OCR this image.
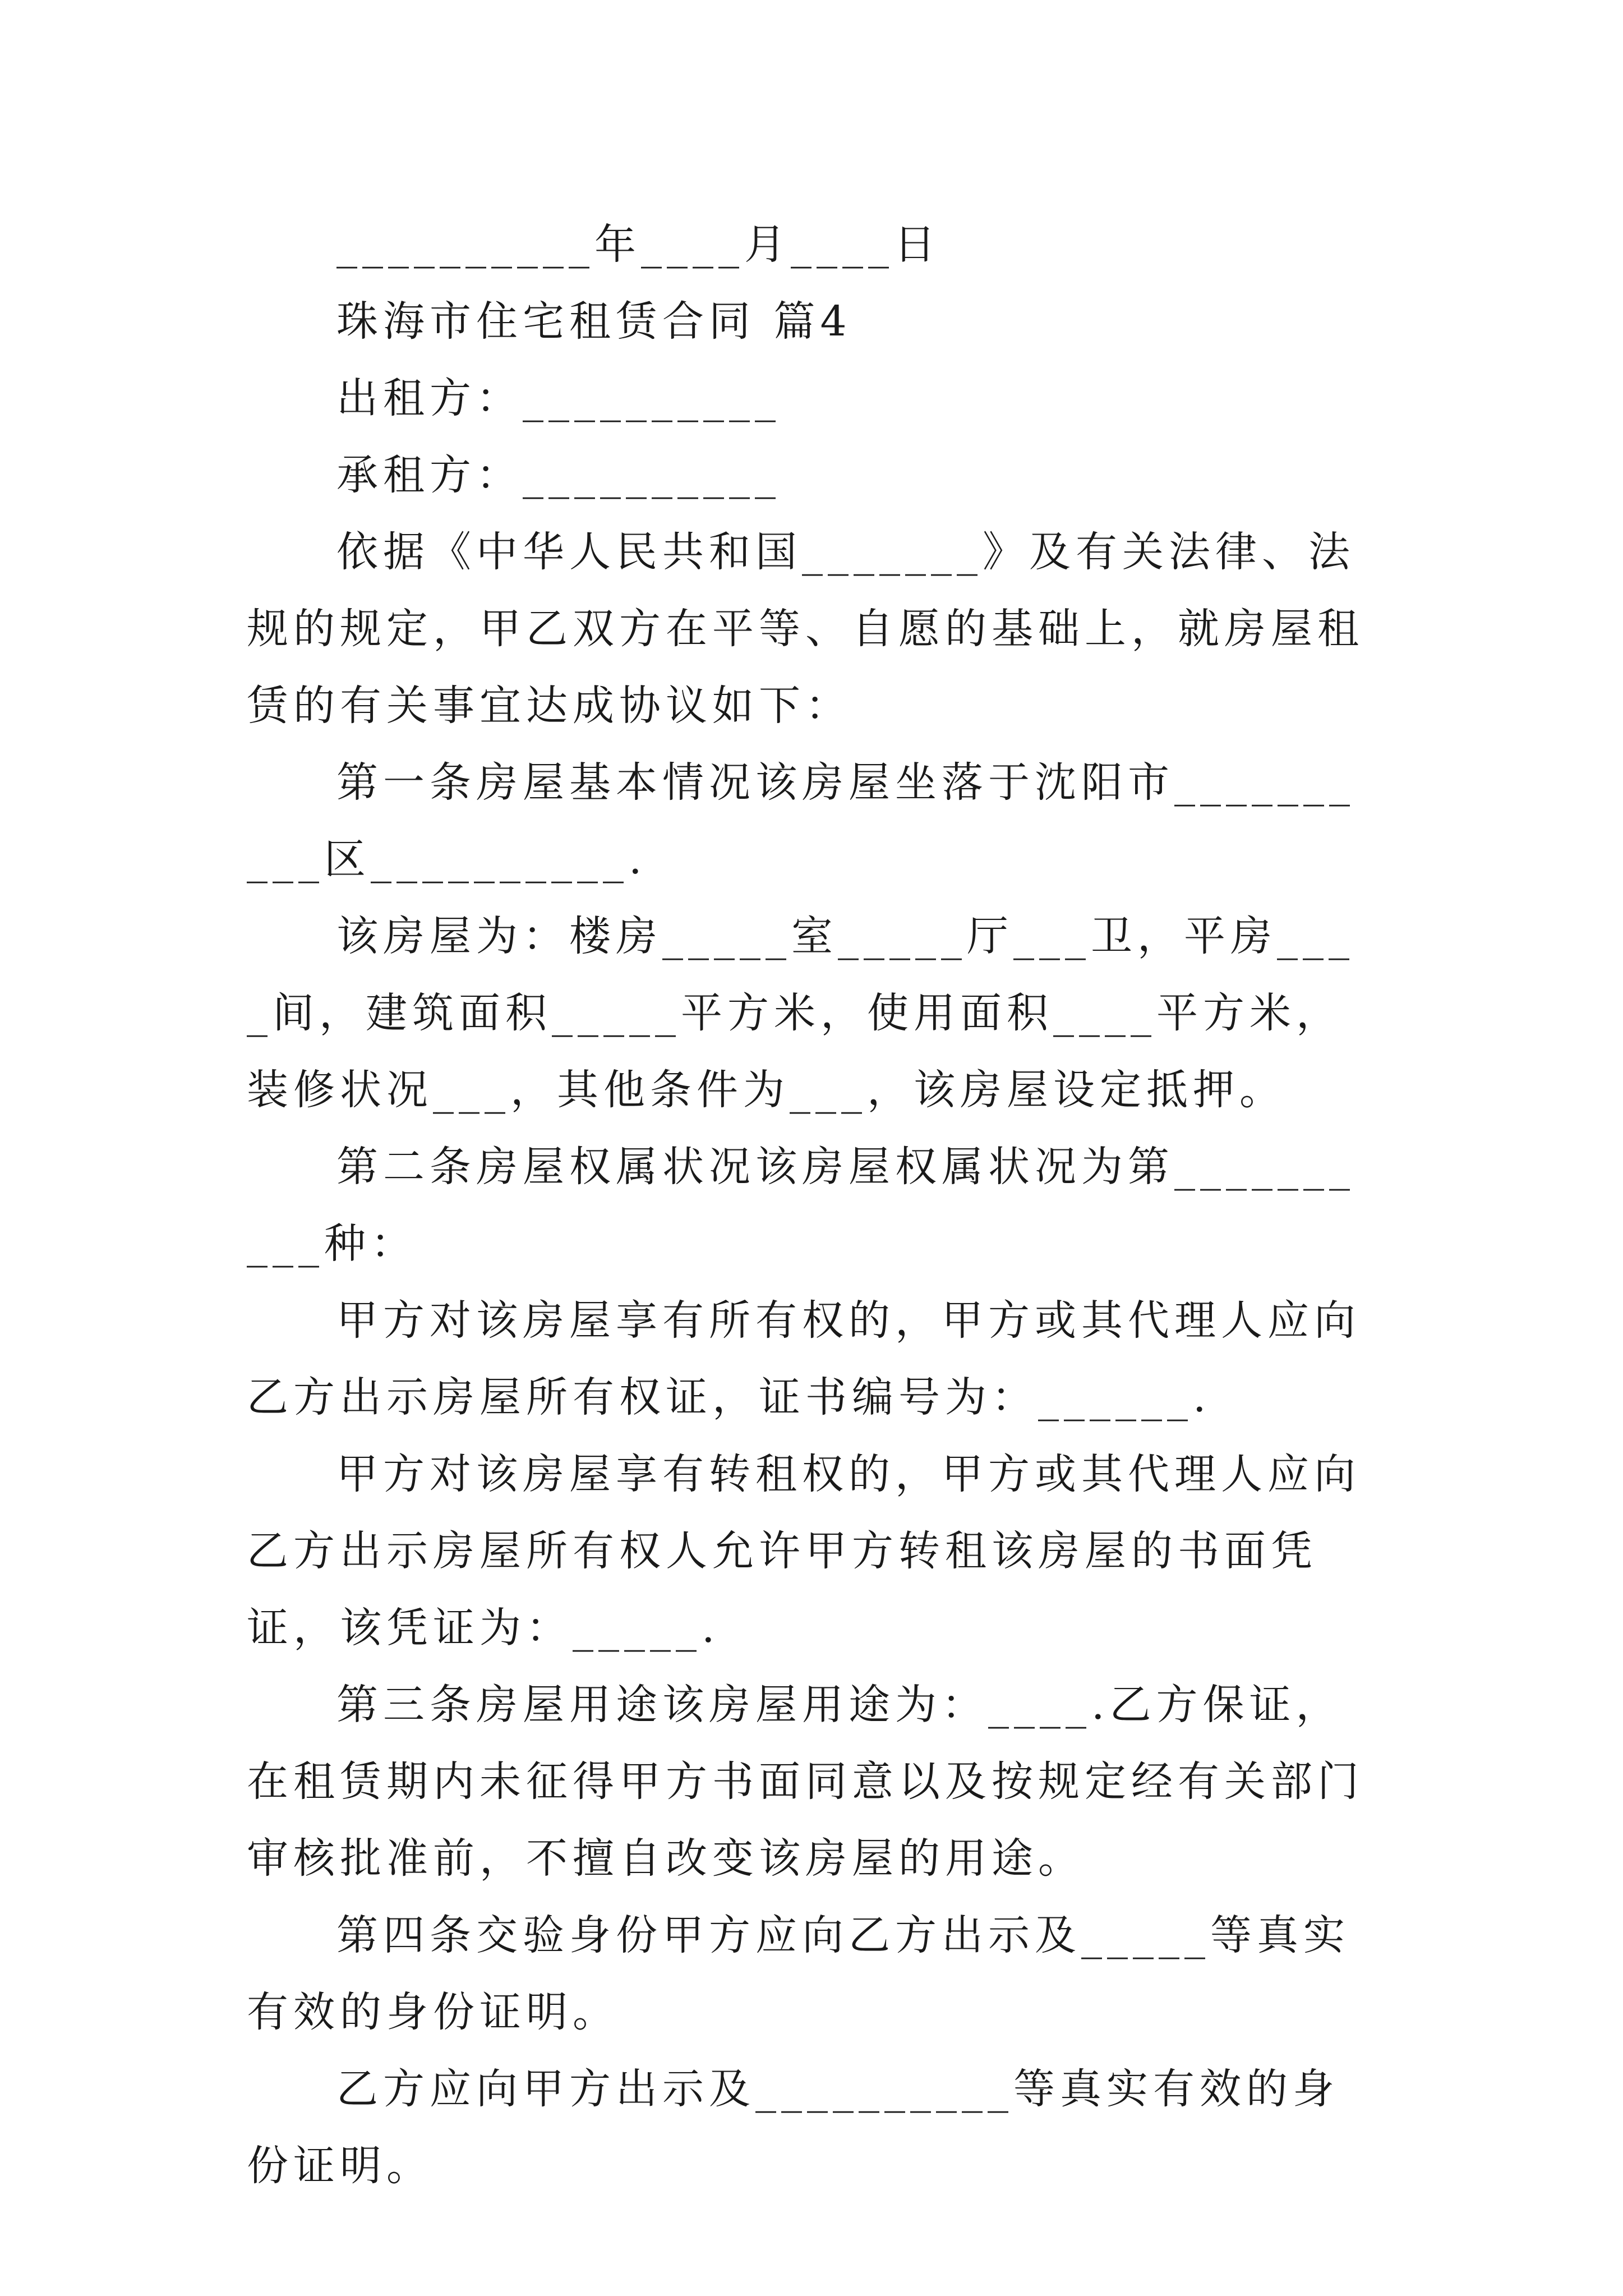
__________年____月____日

珠海市住宅租赁合同 篇4

出租方：__________

承租方：__________

依据《中华人民共和国_______》及有关法律、法规的规定，甲乙双方在平等、自愿的基础上，就房屋租赁的有关事宜达成协议如下：

第一条房屋基本情况该房屋坐落于沈阳市__________区__________.

该房屋为：楼房_____室_____厅___卫，平房____间，建筑面积_____平方米，使用面积____平方米，装修状况___，其他条件为___，该房屋设定抵押。

第二条房屋权属状况该房屋权属状况为第__________种：

甲方对该房屋享有所有权的，甲方或其代理人应向乙方出示房屋所有权证，证书编号为：______.

甲方对该房屋享有转租权的，甲方或其代理人应向乙方出示房屋所有权人允许甲方转租该房屋的书面凭证，该凭证为：_____.

第三条房屋用途该房屋用途为：____.乙方保证，在租赁期内未征得甲方书面同意以及按规定经有关部门审核批准前，不擅自改变该房屋的用途。

第四条交验身份甲方应向乙方出示及_____等真实有效的身份证明。

乙方应向甲方出示及__________等真实有效的身份证明。
